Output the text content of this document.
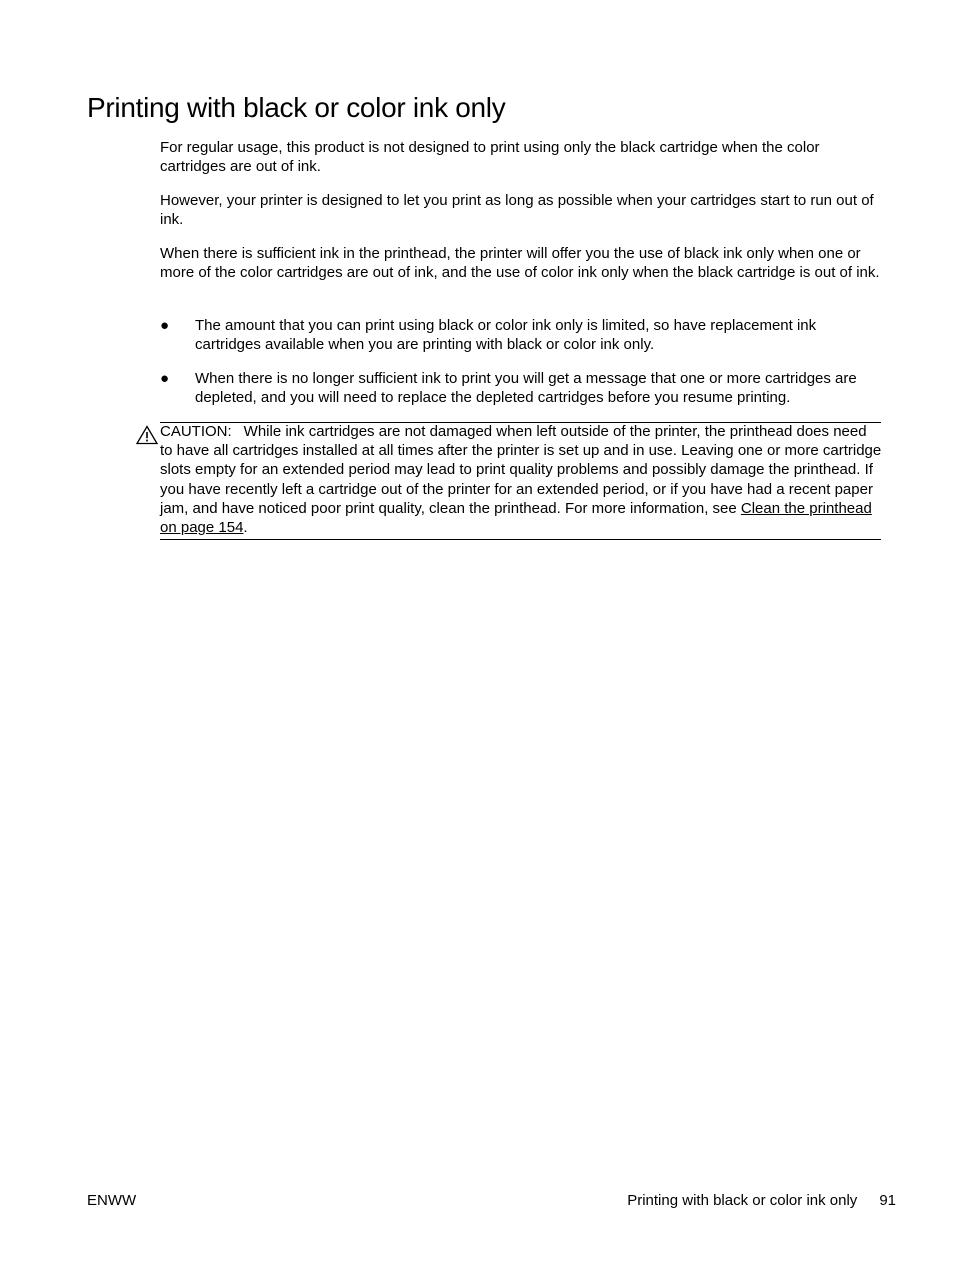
Printing with black or color ink only

For regular usage, this product is not designed to print using only the black cartridge when the color cartridges are out of ink.

However, your printer is designed to let you print as long as possible when your cartridges start to run out of ink.

When there is sufficient ink in the printhead, the printer will offer you the use of black ink only when one or more of the color cartridges are out of ink, and the use of color ink only when the black cartridge is out of ink.

●	The amount that you can print using black or color ink only is limited, so have replacement ink cartridges available when you are printing with black or color ink only.
●	When there is no longer sufficient ink to print you will get a message that one or more cartridges are depleted, and you will need to replace the depleted cartridges before you resume printing.
CAUTION: While ink cartridges are not damaged when left outside of the printer, the printhead does need to have all cartridges installed at all times after the printer is set up and in use. Leaving one or more cartridge slots empty for an extended period may lead to print quality problems and possibly damage the printhead. If you have recently left a cartridge out of the printer for an extended period, or if you have had a recent paper jam, and have noticed poor print quality, clean the printhead. For more information, see Clean the printhead on page 154.
ENWW	Printing with black or color ink only 91
